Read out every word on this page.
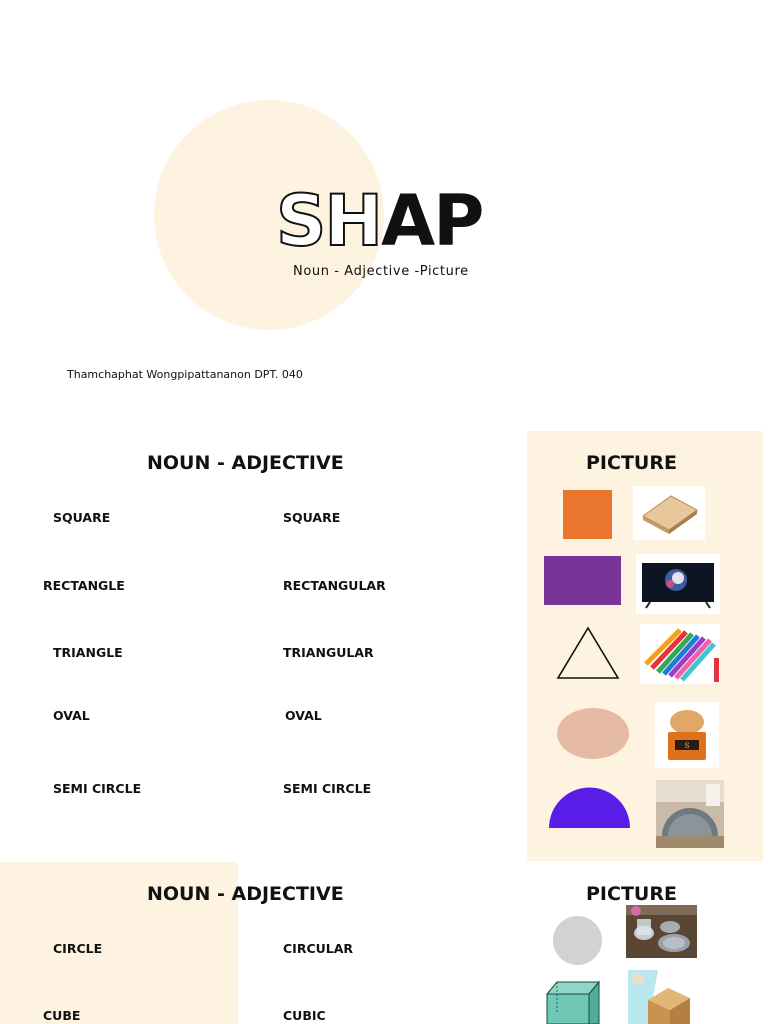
SHAP
Noun - Adjective -Picture
Thamchaphat Wongpipattananon DPT. 040
NOUN - ADJECTIVE	PICTURE
SQUARE	SQUARE
RECTANGLE	RECTANGULAR
TRIANGLE	TRIANGULAR
OVAL	OVAL
SEMI CIRCLE	SEMI CIRCLE
S
NOUN - ADJECTIVE	PICTURE
CIRCLE	CIRCULAR
CUBE	CUBIC
